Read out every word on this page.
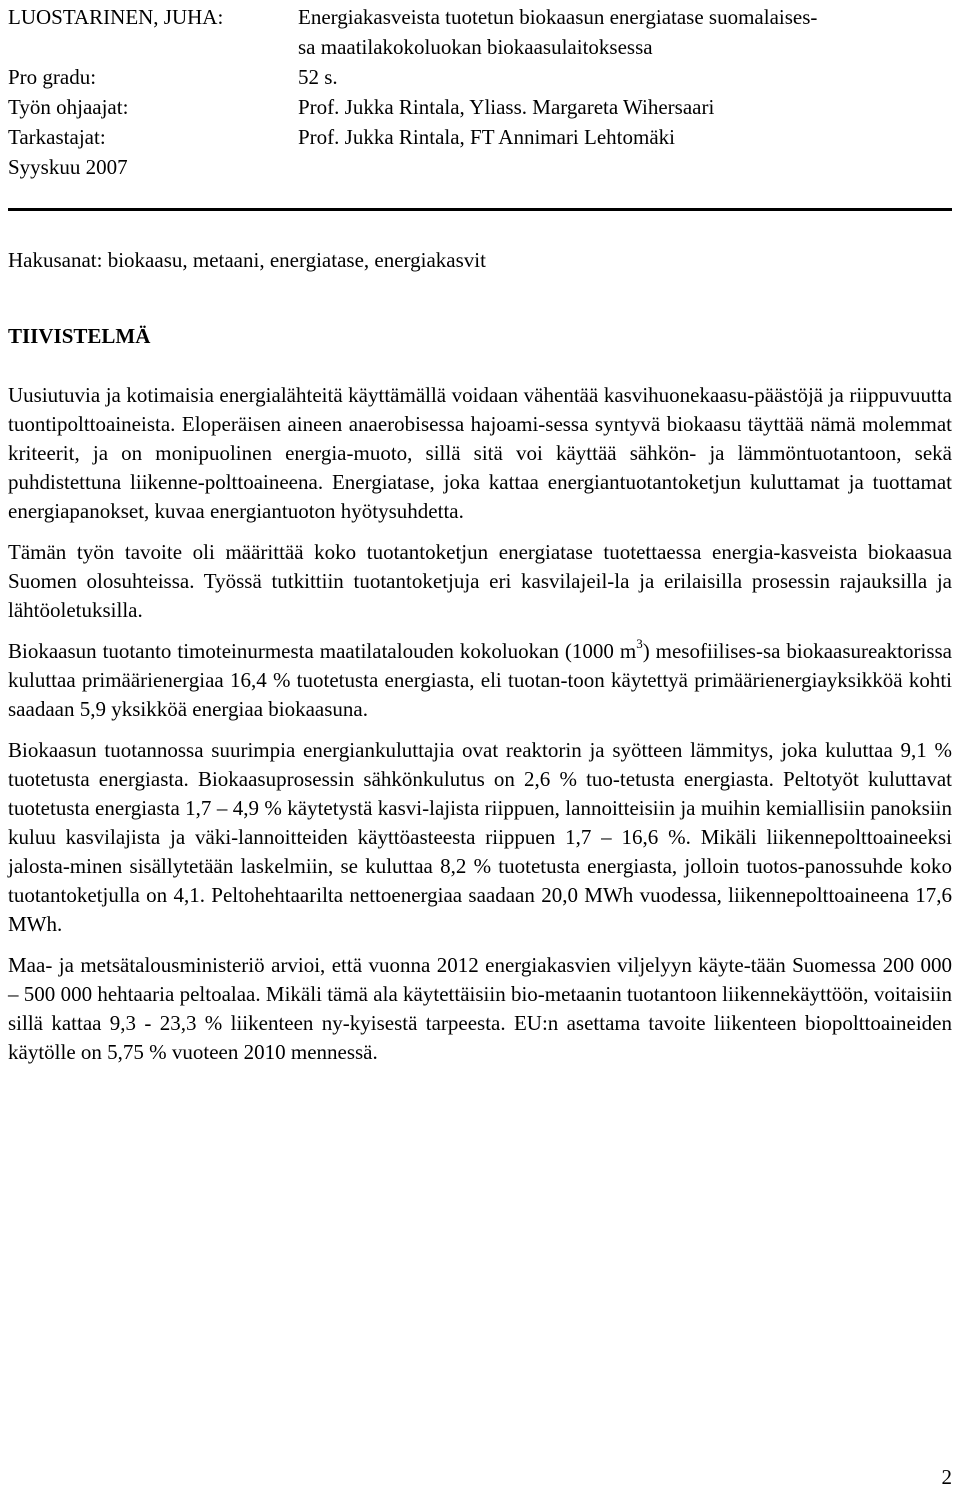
LUOSTARINEN, JUHA:	Energiakasveista tuotetun biokaasun energiatase suomalaises-
sa maatilakokoluokan biokaasulaitoksessa
Pro gradu:	52 s.
Työn ohjaajat:	Prof. Jukka Rintala, Yliass. Margareta Wihersaari
Tarkastajat:	Prof. Jukka Rintala, FT Annimari Lehtomäki
Syyskuu 2007
Hakusanat: biokaasu, metaani, energiatase, energiakasvit
TIIVISTELMÄ

Uusiutuvia ja kotimaisia energialähteitä käyttämällä voidaan vähentää kasvihuonekaasu-päästöjä ja riippuvuutta tuontipolttoaineista. Eloperäisen aineen anaerobisessa hajoami-sessa syntyvä biokaasu täyttää nämä molemmat kriteerit, ja on monipuolinen energia-muoto, sillä sitä voi käyttää sähkön- ja lämmöntuotantoon, sekä puhdistettuna liikenne-polttoaineena. Energiatase, joka kattaa energiantuotantoketjun kuluttamat ja tuottamat energiapanokset, kuvaa energiantuoton hyötysuhdetta.

Tämän työn tavoite oli määrittää koko tuotantoketjun energiatase tuotettaessa energia-kasveista biokaasua Suomen olosuhteissa. Työssä tutkittiin tuotantoketjuja eri kasvilajeil-la ja erilaisilla prosessin rajauksilla ja lähtöoletuksilla.

Biokaasun tuotanto timoteinurmesta maatilatalouden kokoluokan (1000 $m^3$) mesofiilises-sa biokaasureaktorissa kuluttaa primäärienergiaa 16,4 % tuotetusta energiasta, eli tuotan-toon käytettyä primäärienergiayksikköä kohti saadaan 5,9 yksikköä energiaa biokaasuna.

Biokaasun tuotannossa suurimpia energiankuluttajia ovat reaktorin ja syötteen lämmitys, joka kuluttaa 9,1 % tuotetusta energiasta. Biokaasuprosessin sähkönkulutus on 2,6 % tuo-tetusta energiasta. Peltotyöt kuluttavat tuotetusta energiasta 1,7 – 4,9 % käytetystä kasvi-lajista riippuen, lannoitteisiin ja muihin kemiallisiin panoksiin kuluu kasvilajista ja väki-lannoitteiden käyttöasteesta riippuen 1,7 – 16,6 %. Mikäli liikennepolttoaineeksi jalosta-minen sisällytetään laskelmiin, se kuluttaa 8,2 % tuotetusta energiasta, jolloin tuotos-panossuhde koko tuotantoketjulla on 4,1. Peltohehtaarilta nettoenergiaa saadaan 20,0 MWh vuodessa, liikennepolttoaineena 17,6 MWh.

Maa- ja metsätalousministeriö arvioi, että vuonna 2012 energiakasvien viljelyyn käyte-tään Suomessa 200 000 – 500 000 hehtaaria peltoalaa. Mikäli tämä ala käytettäisiin bio-metaanin tuotantoon liikennekäyttöön, voitaisiin sillä kattaa 9,3 - 23,3 % liikenteen ny-kyisestä tarpeesta. EU:n asettama tavoite liikenteen biopolttoaineiden käytölle on 5,75 % vuoteen 2010 mennessä.

2
